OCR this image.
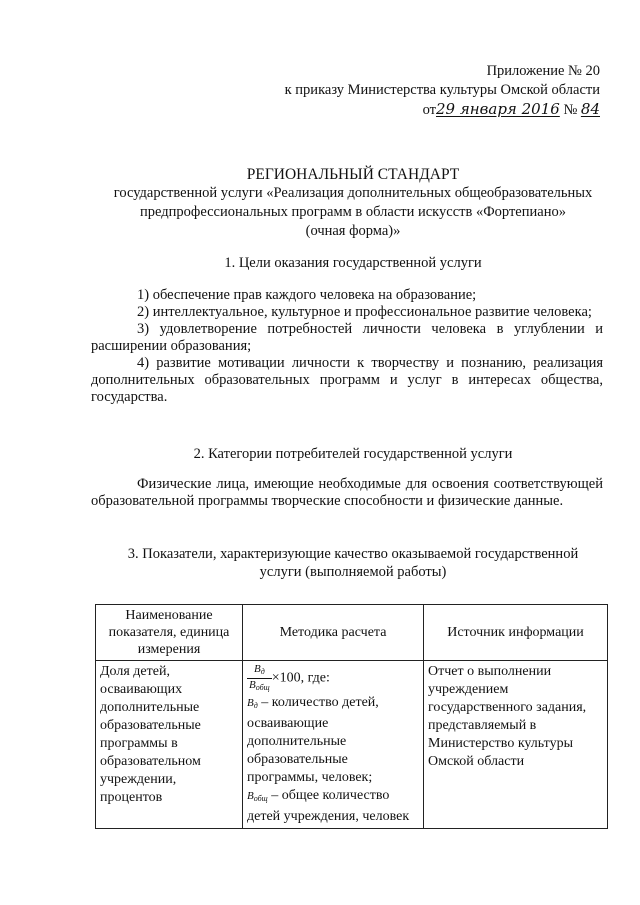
Приложение № 20
к приказу Министерства культуры Омской области
от29 января 2016 № 84
РЕГИОНАЛЬНЫЙ СТАНДАРТ
государственной услуги «Реализация дополнительных общеобразовательных
предпрофессиональных программ в области искусств «Фортепиано»
(очная форма)»
1. Цели оказания государственной услуги

1) обеспечение прав каждого человека на образование;

2) интеллектуальное, культурное и профессиональное развитие человека;

3) удовлетворение потребностей личности человека в углублении и расширении образования;

4) развитие мотивации личности к творчеству и познанию, реализация дополнительных образовательных программ и услуг в интересах общества, государства.

2. Категории потребителей государственной услуги

Физические лица, имеющие необходимые для освоения соответствующей образовательной программы творческие способности и физические данные.

3. Показатели, характеризующие качество оказываемой государственной
услуги (выполняемой работы)
Наименование показателя, единица измерения	Методика расчета	Источник информации
Доля детей, осваивающих дополнительные образовательные программы в образовательном учреждении, процентов	$\frac{В_д}{В_{общ}} \times 100$, где:
$В_д$ – количество детей, осваивающие дополнительные образовательные программы, человек;
$В_{общ}$ – общее количество детей учреждения, человек	Отчет о выполнении учреждением государственного задания, представляемый в Министерство культуры Омской области
